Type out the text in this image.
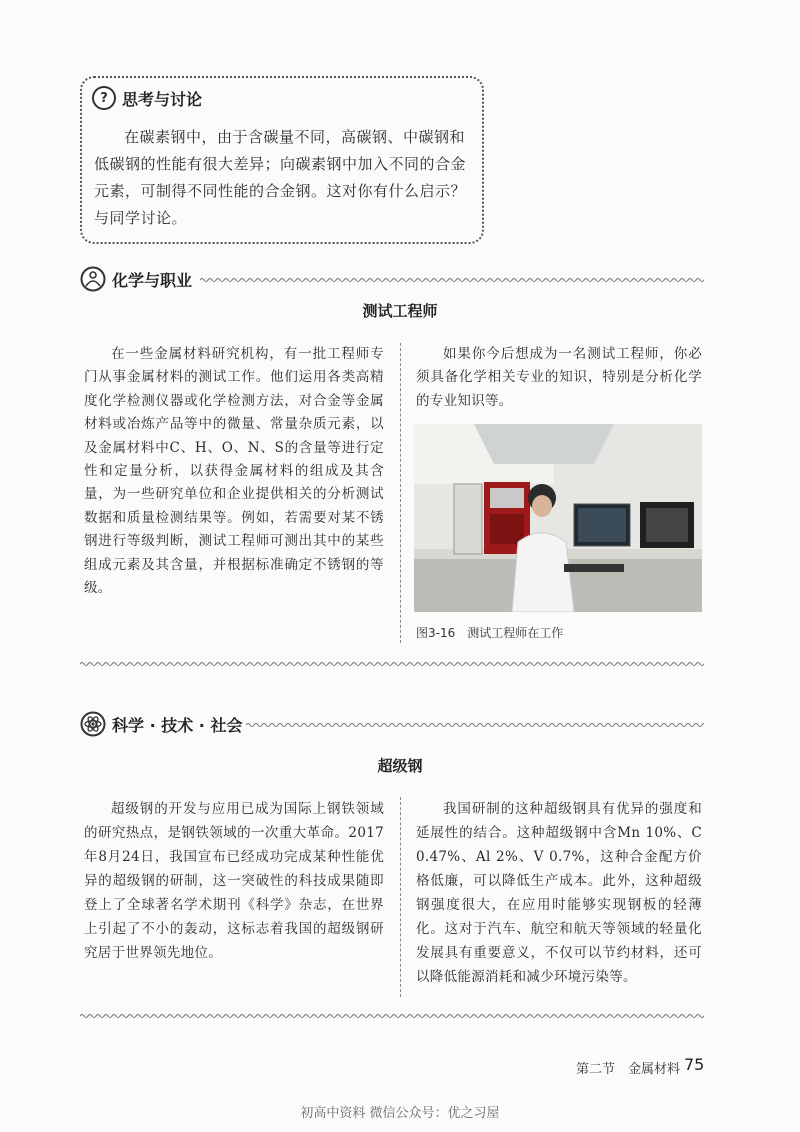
? 思考与讨论

在碳素钢中，由于含碳量不同，高碳钢、中碳钢和低碳钢的性能有很大差异；向碳素钢中加入不同的合金元素，可制得不同性能的合金钢。这对你有什么启示？与同学讨论。

化学与职业
测试工程师

在一些金属材料研究机构，有一批工程师专门从事金属材料的测试工作。他们运用各类高精度化学检测仪器或化学检测方法，对合金等金属材料或冶炼产品等中的微量、常量杂质元素，以及金属材料中C、H、O、N、S的含量等进行定性和定量分析，以获得金属材料的组成及其含量，为一些研究单位和企业提供相关的分析测试数据和质量检测结果等。例如，若需要对某不锈钢进行等级判断，测试工程师可测出其中的某些组成元素及其含量，并根据标准确定不锈钢的等级。

如果你今后想成为一名测试工程师，你必须具备化学相关专业的知识，特别是分析化学的专业知识等。

图3-16　测试工程师在工作
科学 · 技术 · 社会
超级钢

超级钢的开发与应用已成为国际上钢铁领域的研究热点，是钢铁领域的一次重大革命。2017年8月24日，我国宣布已经成功完成某种性能优异的超级钢的研制，这一突破性的科技成果随即登上了全球著名学术期刊《科学》杂志，在世界上引起了不小的轰动，这标志着我国的超级钢研究居于世界领先地位。

我国研制的这种超级钢具有优异的强度和延展性的结合。这种超级钢中含Mn 10%、C 0.47%、Al 2%、V 0.7%，这种合金配方价格低廉，可以降低生产成本。此外，这种超级钢强度很大，在应用时能够实现钢板的轻薄化。这对于汽车、航空和航天等领域的轻量化发展具有重要意义，不仅可以节约材料，还可以降低能源消耗和减少环境污染等。

第二节　金属材料 75
初高中资料 微信公众号：优之习屋
